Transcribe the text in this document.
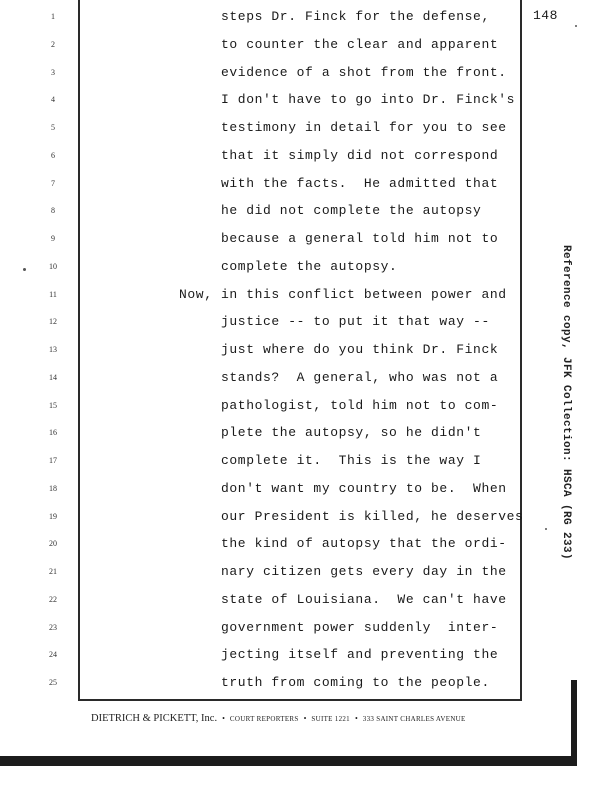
148
1	steps Dr. Finck for the defense,
2	to counter the clear and apparent
3	evidence of a shot from the front.
4	I don't have to go into Dr. Finck's
5	testimony in detail for you to see
6	that it simply did not correspond
7	with the facts.  He admitted that
8	he did not complete the autopsy
9	because a general told him not to
10	complete the autopsy.
11	Now, in this conflict between power and
12	justice -- to put it that way --
13	just where do you think Dr. Finck
14	stands?  A general, who was not a
15	pathologist, told him not to com-
16	plete the autopsy, so he didn't
17	complete it.  This is the way I
18	don't want my country to be.  When
19	our President is killed, he deserves
20	the kind of autopsy that the ordi-
21	nary citizen gets every day in the
22	state of Louisiana.  We can't have
23	government power suddenly  inter-
24	jecting itself and preventing the
25	truth from coming to the people.
DIETRICH & PICKETT, Inc. • COURT REPORTERS • SUITE 1221 • 333 SAINT CHARLES AVENUE
Reference copy, JFK Collection: HSCA (RG 233)
